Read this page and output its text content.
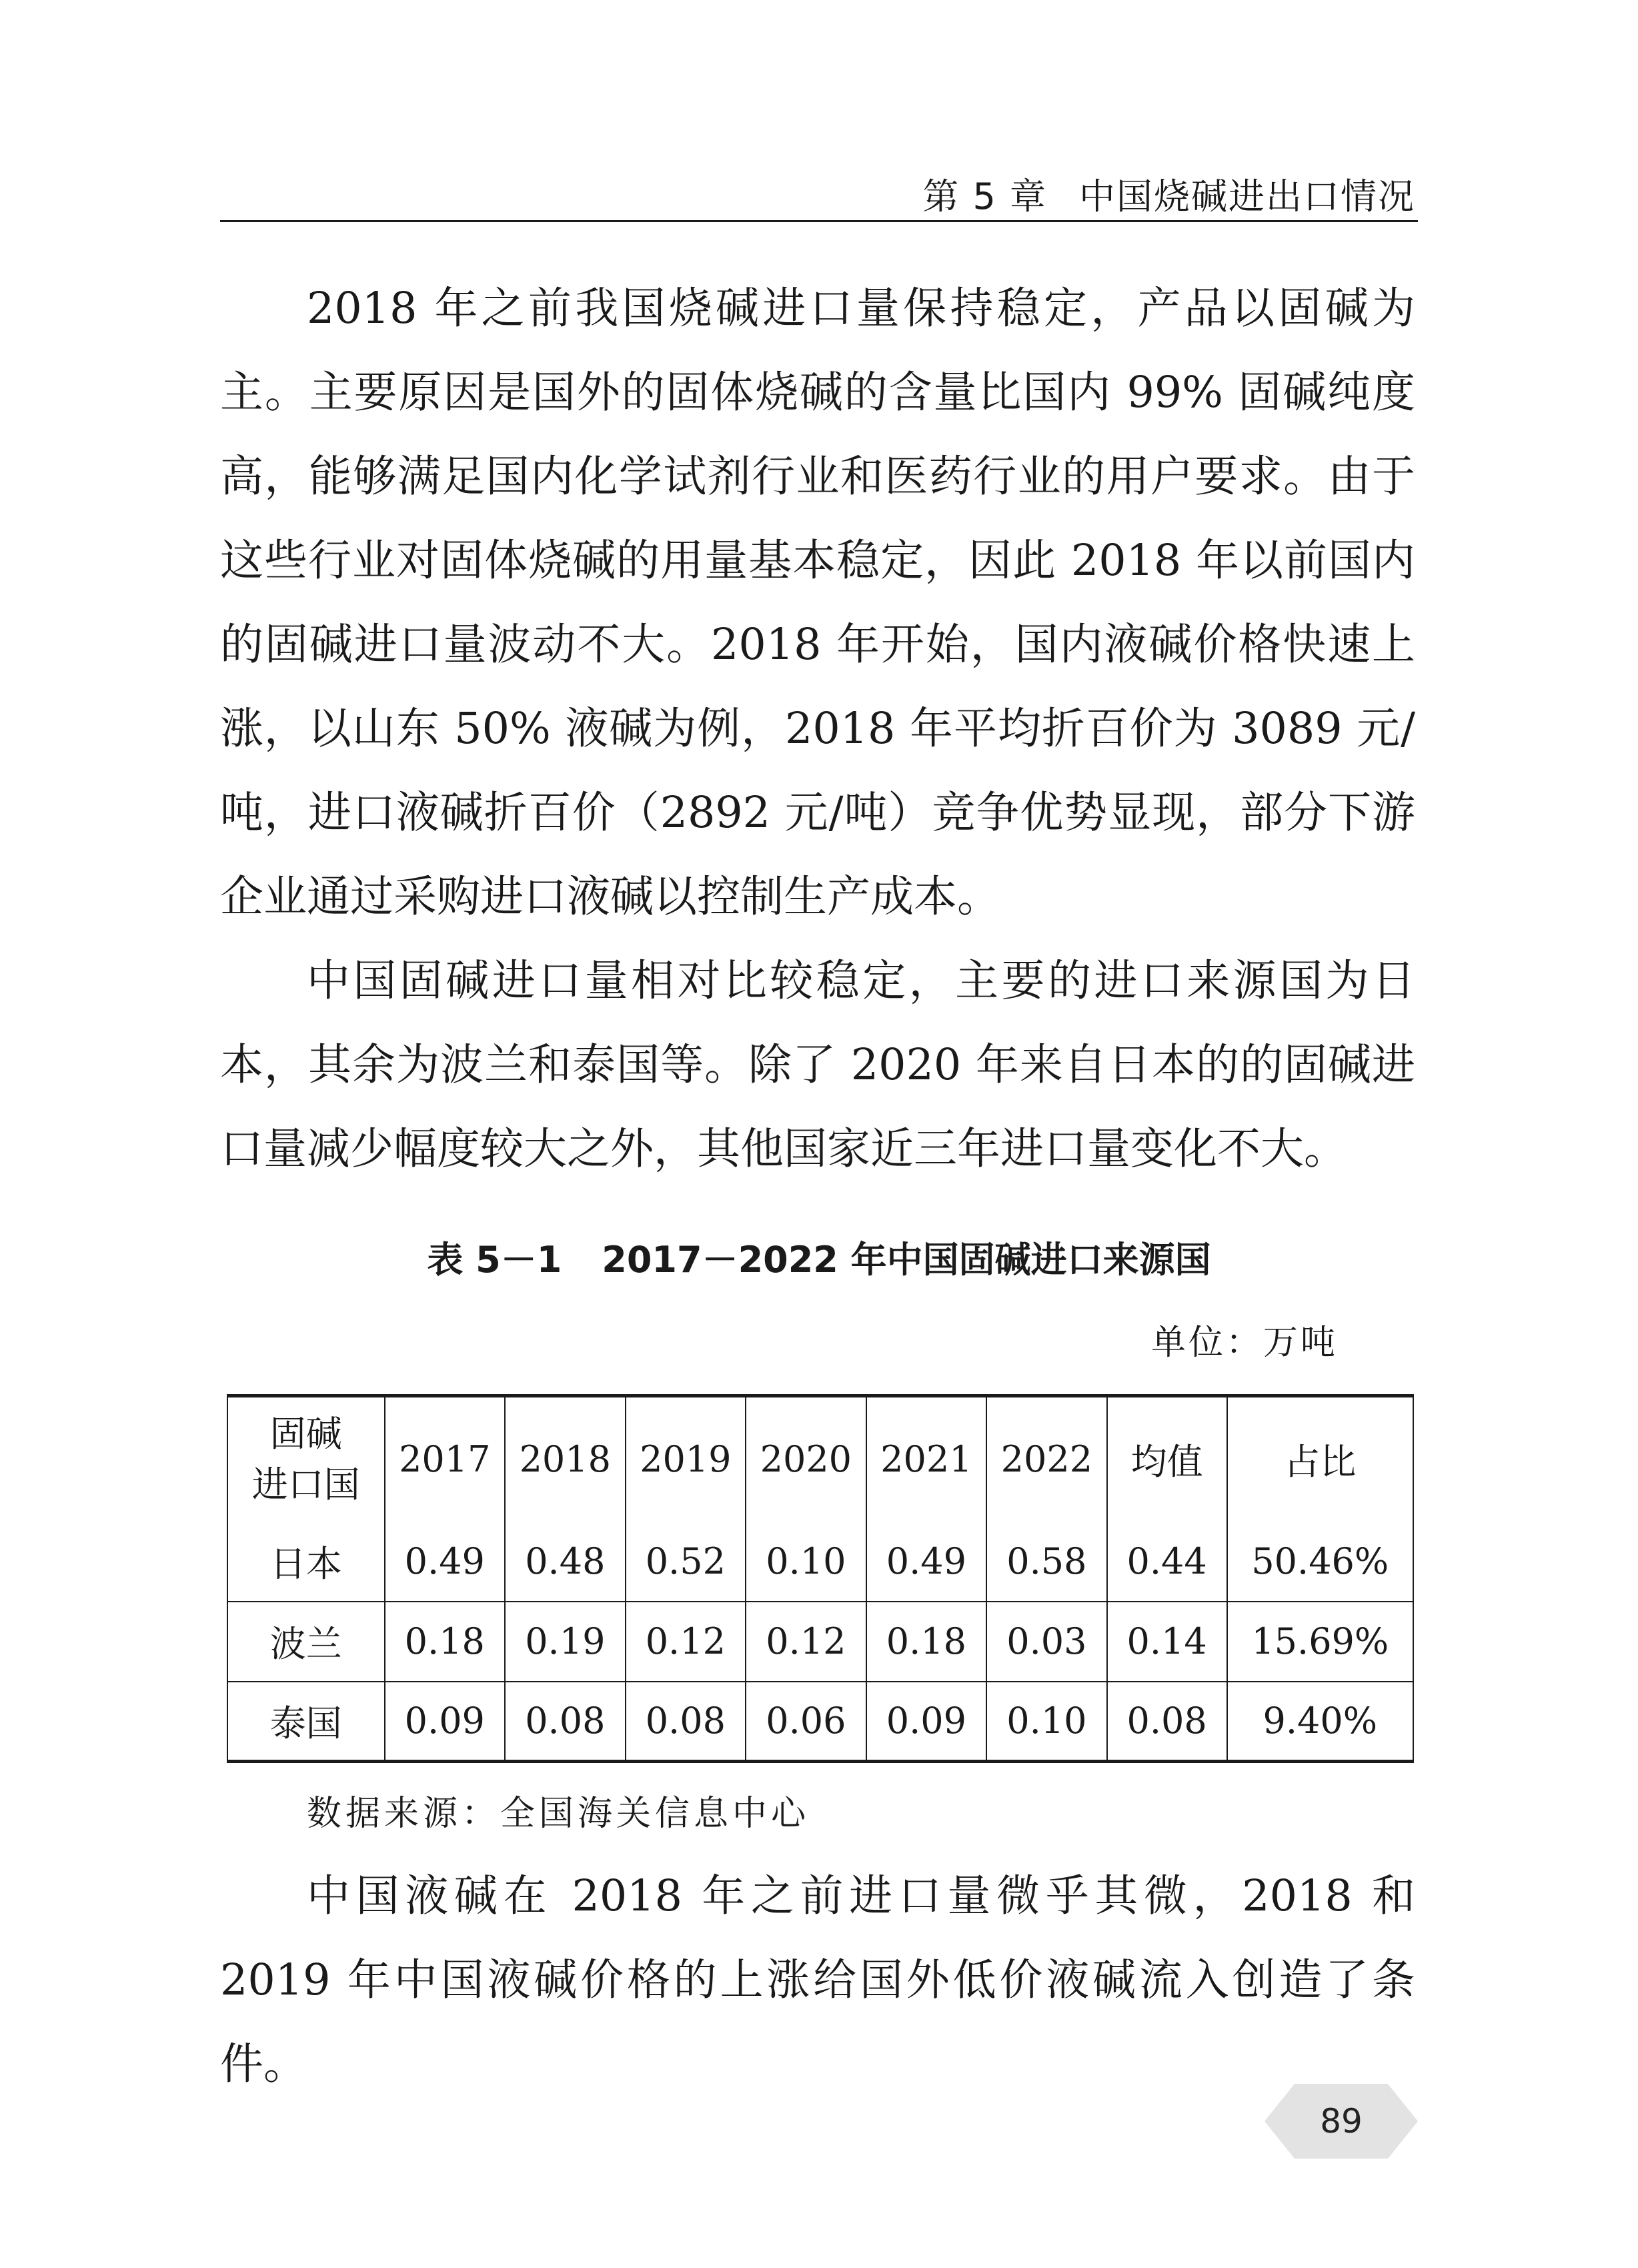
第 5 章 中国烧碱进出口情况

2018 年之前我国烧碱进口量保持稳定，产品以固碱为主。主要原因是国外的固体烧碱的含量比国内 99% 固碱纯度高，能够满足国内化学试剂行业和医药行业的用户要求。由于这些行业对固体烧碱的用量基本稳定，因此 2018 年以前国内的固碱进口量波动不大。2018 年开始，国内液碱价格快速上涨，以山东 50% 液碱为例，2018 年平均折百价为 3089 元/吨，进口液碱折百价（2892 元/吨）竞争优势显现，部分下游企业通过采购进口液碱以控制生产成本。

中国固碱进口量相对比较稳定，主要的进口来源国为日本，其余为波兰和泰国等。除了 2020 年来自日本的的固碱进口量减少幅度较大之外，其他国家近三年进口量变化不大。

表 5－1 2017－2022 年中国固碱进口来源国
单位：万吨
固碱
进口国	2017	2018	2019	2020	2021	2022	均值	占比
日本	0.49	0.48	0.52	0.10	0.49	0.58	0.44	50.46%
波兰	0.18	0.19	0.12	0.12	0.18	0.03	0.14	15.69%
泰国	0.09	0.08	0.08	0.06	0.09	0.10	0.08	9.40%
数据来源：全国海关信息中心

中国液碱在 2018 年之前进口量微乎其微，2018 和 2019 年中国液碱价格的上涨给国外低价液碱流入创造了条件。

89
